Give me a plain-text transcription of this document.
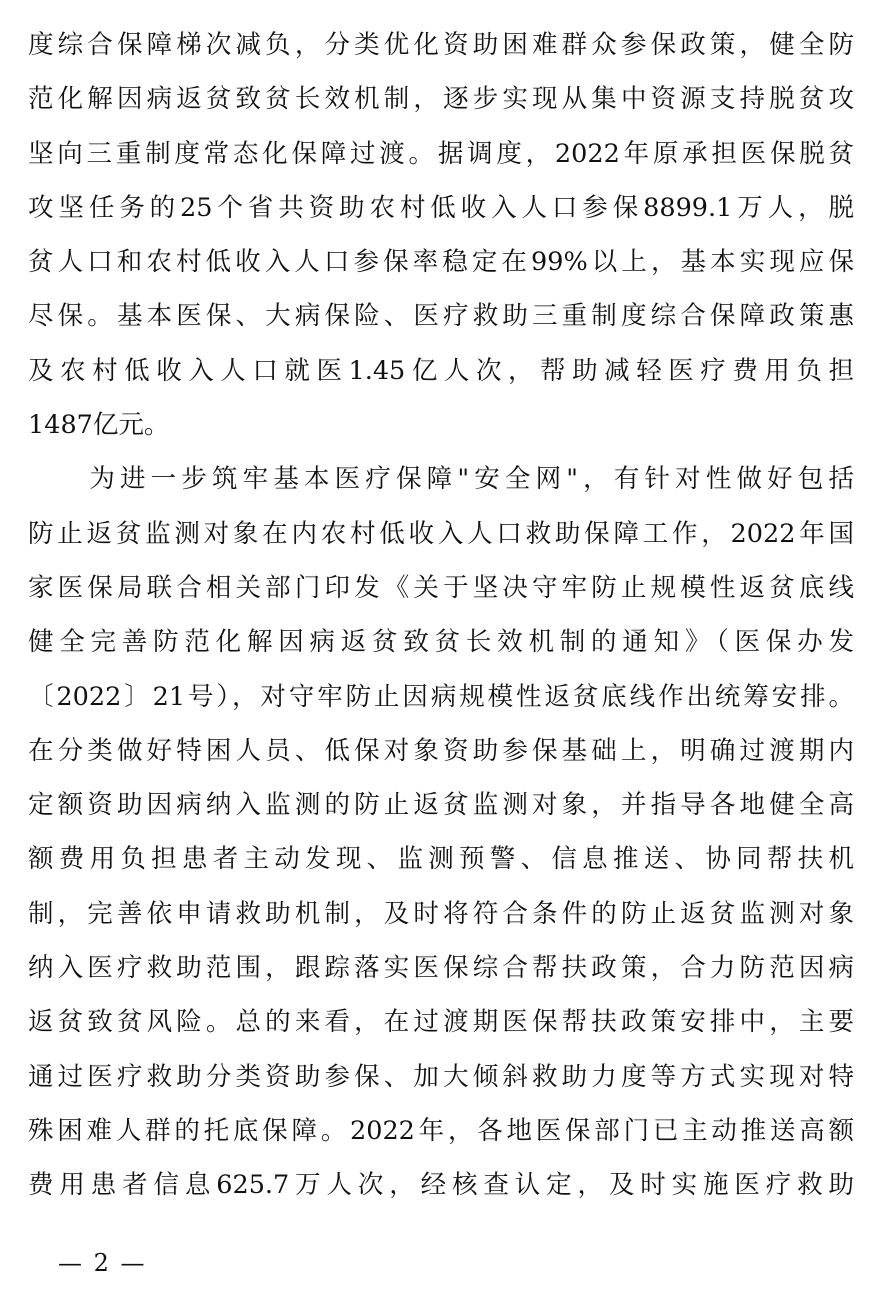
度综合保障梯次减负，分类优化资助困难群众参保政策，健全防
范化解因病返贫致贫长效机制，逐步实现从集中资源支持脱贫攻
坚向三重制度常态化保障过渡。据调度，2022年原承担医保脱贫
攻坚任务的25个省共资助农村低收入人口参保8899.1万人，脱
贫人口和农村低收入人口参保率稳定在99%以上，基本实现应保
尽保。基本医保、大病保险、医疗救助三重制度综合保障政策惠
及农村低收入人口就医1.45亿人次，帮助减轻医疗费用负担
1487亿元。
　　为进一步筑牢基本医疗保障"安全网"，有针对性做好包括
防止返贫监测对象在内农村低收入人口救助保障工作，2022年国
家医保局联合相关部门印发《关于坚决守牢防止规模性返贫底线
健全完善防范化解因病返贫致贫长效机制的通知》（医保办发
〔2022〕21号），对守牢防止因病规模性返贫底线作出统筹安排。
在分类做好特困人员、低保对象资助参保基础上，明确过渡期内
定额资助因病纳入监测的防止返贫监测对象，并指导各地健全高
额费用负担患者主动发现、监测预警、信息推送、协同帮扶机
制，完善依申请救助机制，及时将符合条件的防止返贫监测对象
纳入医疗救助范围，跟踪落实医保综合帮扶政策，合力防范因病
返贫致贫风险。总的来看，在过渡期医保帮扶政策安排中，主要
通过医疗救助分类资助参保、加大倾斜救助力度等方式实现对特
殊困难人群的托底保障。2022年，各地医保部门已主动推送高额
费用患者信息625.7万人次，经核查认定，及时实施医疗救助
— 2 —
